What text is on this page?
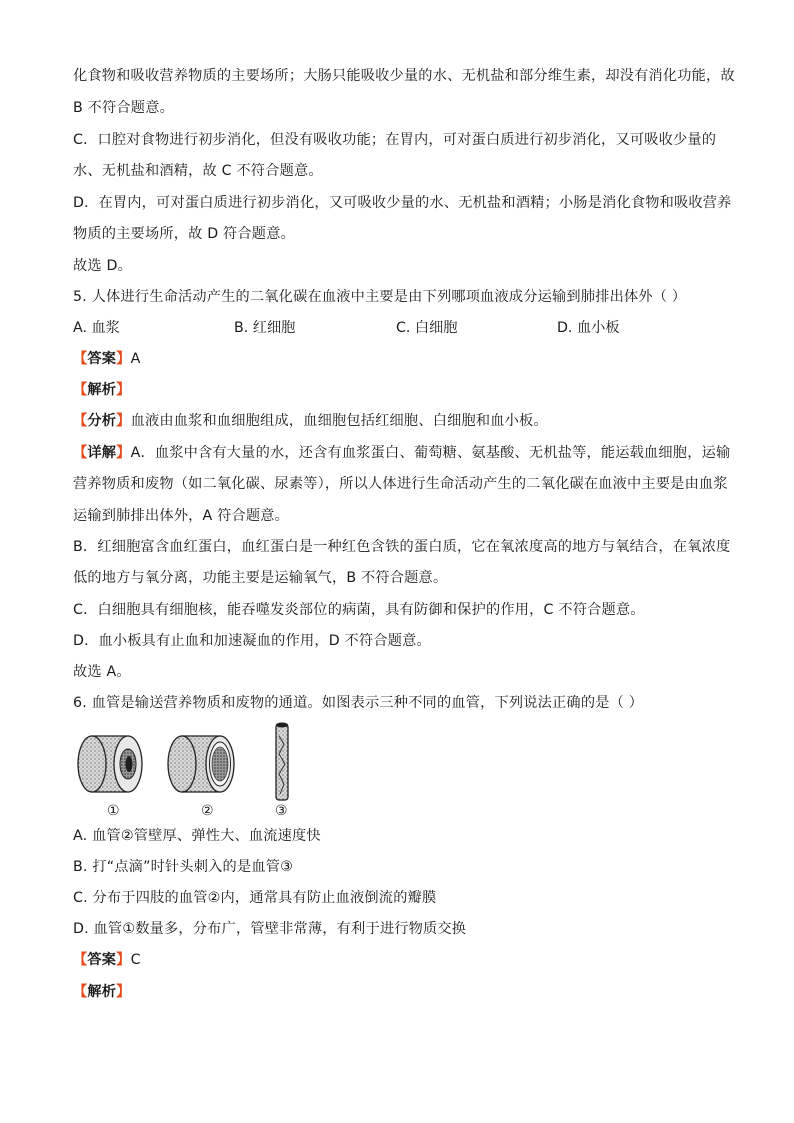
化食物和吸收营养物质的主要场所；大肠只能吸收少量的水、无机盐和部分维生素，却没有消化功能，故
B 不符合题意。
C．口腔对食物进行初步消化，但没有吸收功能；在胃内，可对蛋白质进行初步消化，又可吸收少量的
水、无机盐和酒精，故 C 不符合题意。
D．在胃内，可对蛋白质进行初步消化，又可吸收少量的水、无机盐和酒精；小肠是消化食物和吸收营养
物质的主要场所，故 D 符合题意。
故选 D。
5. 人体进行生命活动产生的二氧化碳在血液中主要是由下列哪项血液成分运输到肺排出体外（ ）
A. 血浆	B. 红细胞	C. 白细胞	D. 血小板
【答案】A
【解析】
【分析】血液由血浆和血细胞组成，血细胞包括红细胞、白细胞和血小板。
【详解】A．血浆中含有大量的水，还含有血浆蛋白、葡萄糖、氨基酸、无机盐等，能运载血细胞，运输
营养物质和废物（如二氧化碳、尿素等），所以人体进行生命活动产生的二氧化碳在血液中主要是由血浆
运输到肺排出体外，A 符合题意。
B．红细胞富含血红蛋白，血红蛋白是一种红色含铁的蛋白质，它在氧浓度高的地方与氧结合，在氧浓度
低的地方与氧分离，功能主要是运输氧气，B 不符合题意。
C．白细胞具有细胞核，能吞噬发炎部位的病菌，具有防御和保护的作用，C 不符合题意。
D．血小板具有止血和加速凝血的作用，D 不符合题意。
故选 A。
6. 血管是输送营养物质和废物的通道。如图表示三种不同的血管，下列说法正确的是（ ）
①	②	③
A. 血管②管壁厚、弹性大、血流速度快
B. 打“点滴”时针头刺入的是血管③
C. 分布于四肢的血管②内，通常具有防止血液倒流的瓣膜
D. 血管①数量多，分布广，管壁非常薄，有利于进行物质交换
【答案】C
【解析】
